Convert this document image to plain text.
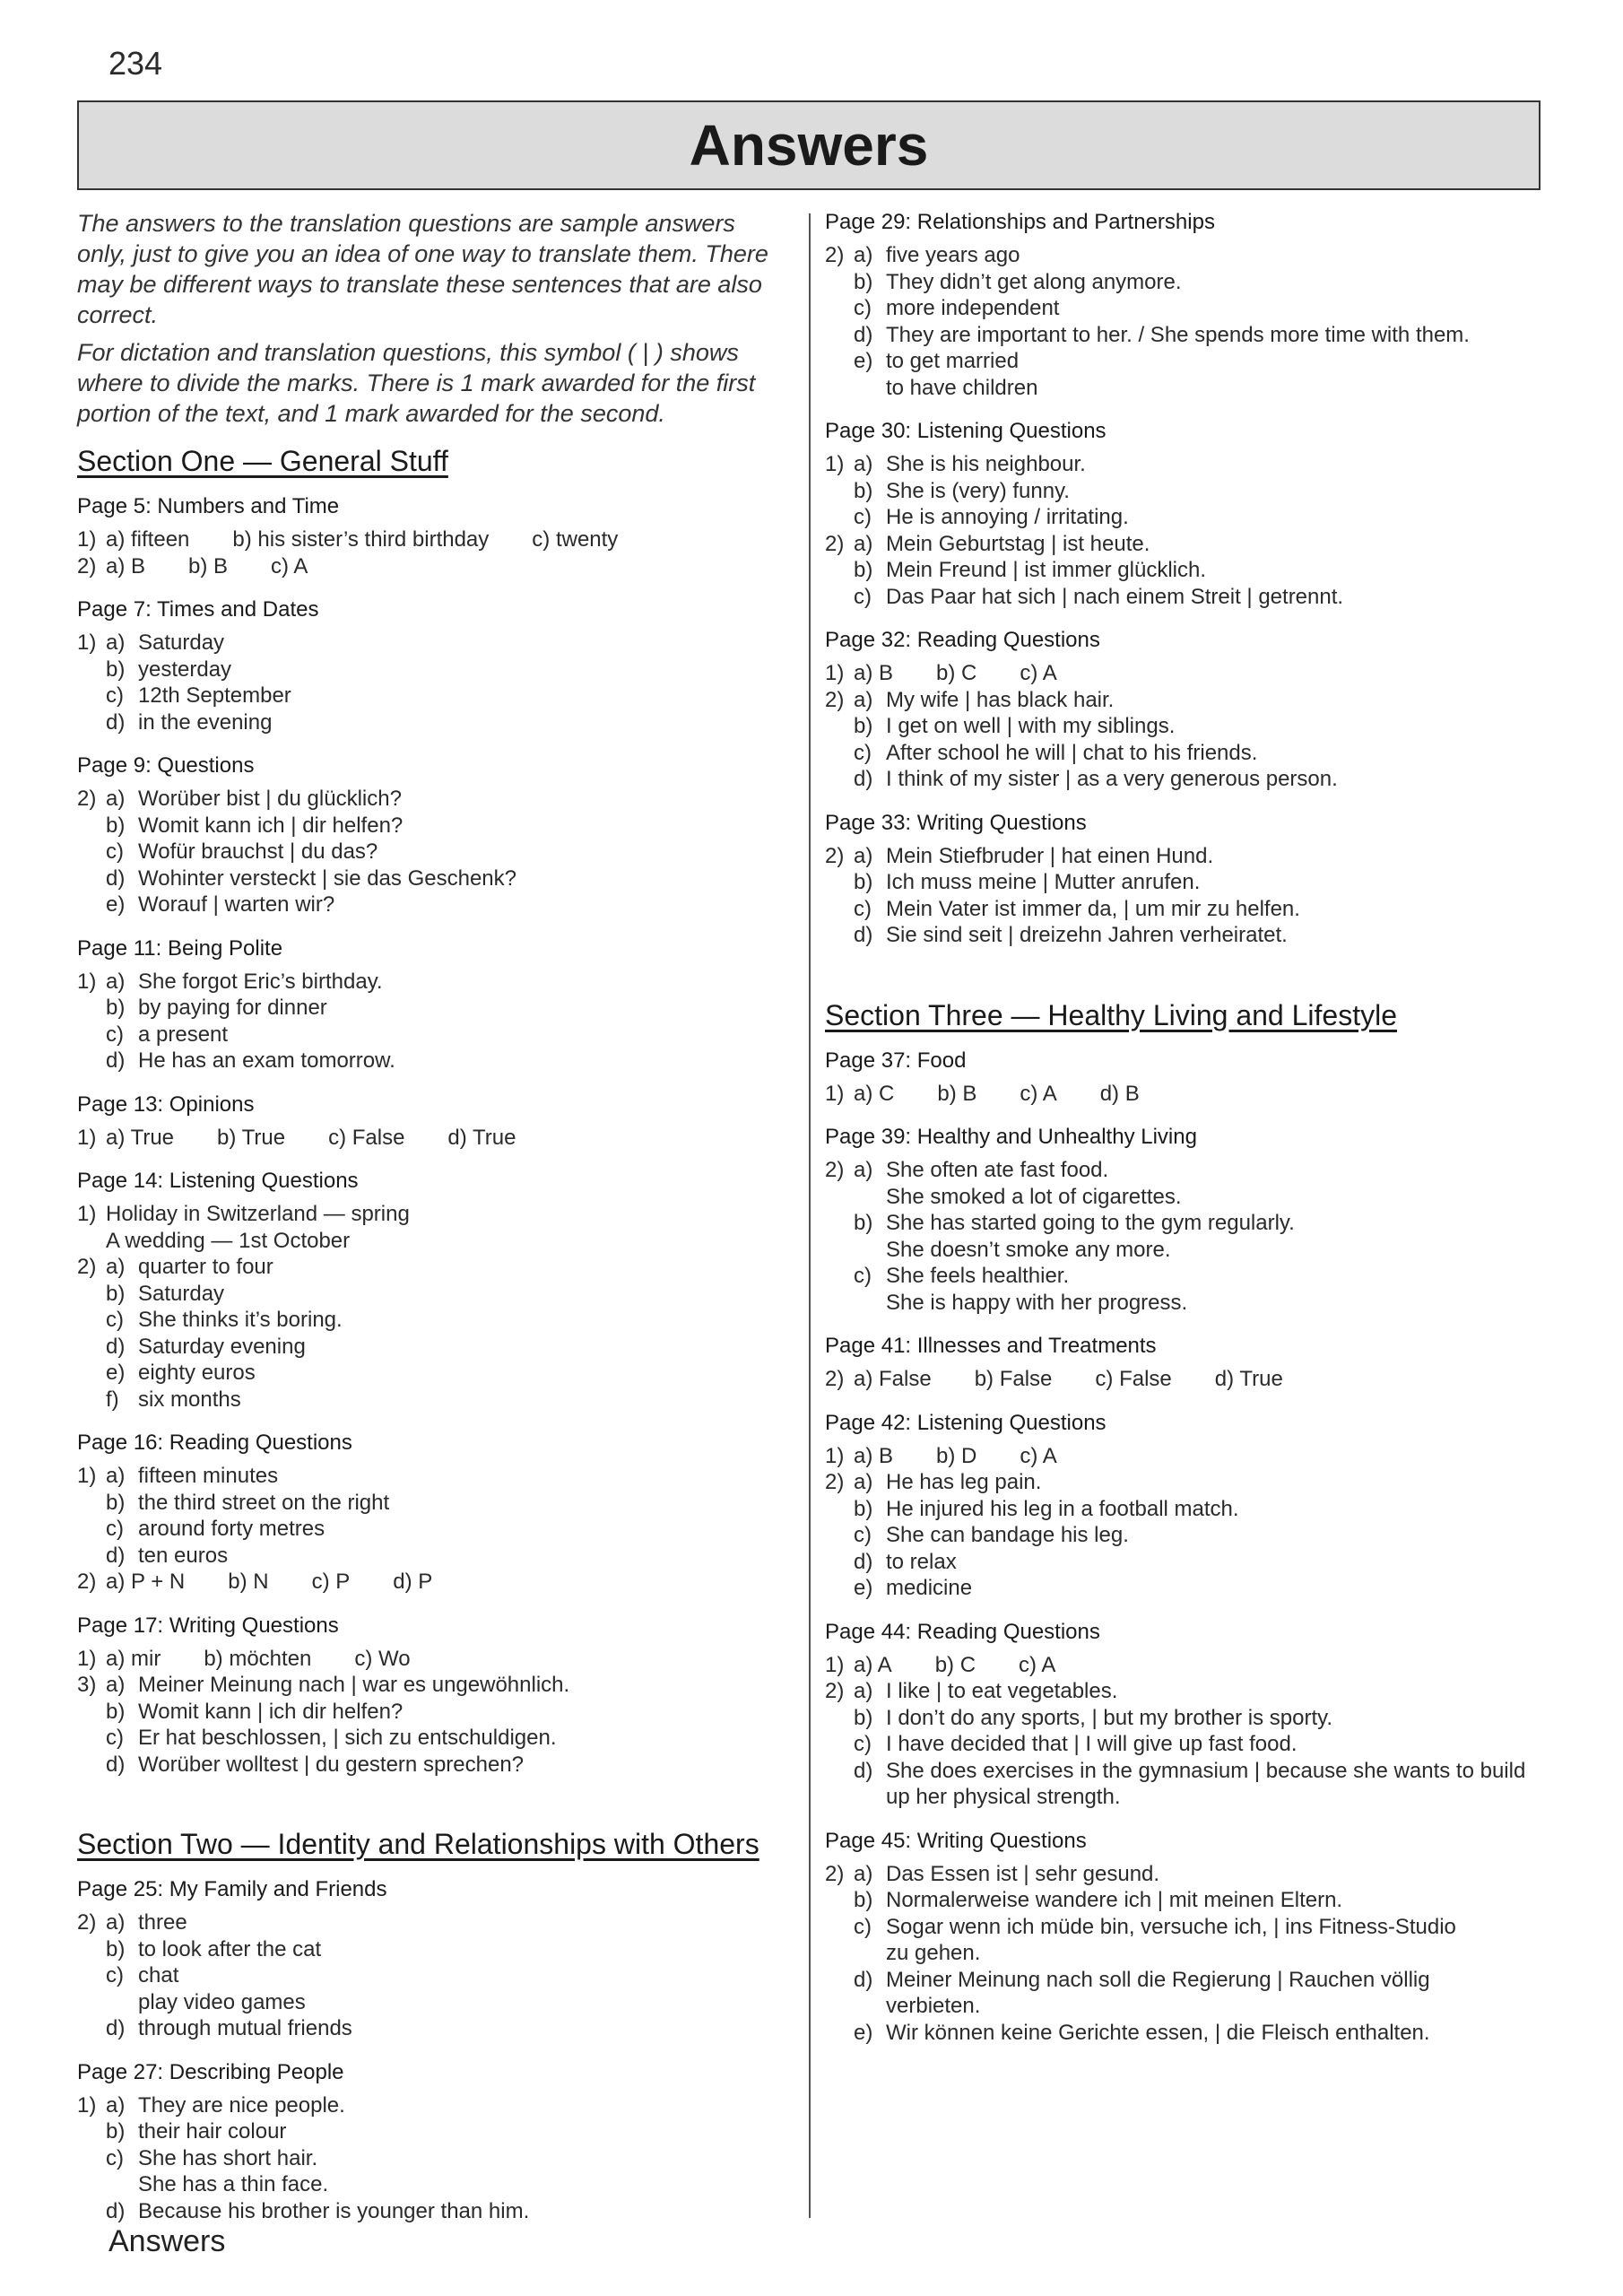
234
Answers

The answers to the translation questions are sample answers only, just to give you an idea of one way to translate them. There may be different ways to translate these sentences that are also correct.

For dictation and translation questions, this symbol ( | ) shows where to divide the marks. There is 1 mark awarded for the first portion of the text, and 1 mark awarded for the second.

Section One — General Stuff
Page 5: Numbers and Time
1) a) fifteen b) his sister’s third birthday c) twenty
2) a) B b) B c) A
Page 7: Times and Dates
1) a) Saturday
b) yesterday
c) 12th September
d) in the evening
Page 9: Questions
2) a) Worüber bist | du glücklich?
b) Womit kann ich | dir helfen?
c) Wofür brauchst | du das?
d) Wohinter versteckt | sie das Geschenk?
e) Worauf | warten wir?
Page 11: Being Polite
1) a) She forgot Eric’s birthday.
b) by paying for dinner
c) a present
d) He has an exam tomorrow.
Page 13: Opinions
1) a) True b) True c) False d) True
Page 14: Listening Questions
1) Holiday in Switzerland — spring
A wedding — 1st October
2) a) quarter to four
b) Saturday
c) She thinks it’s boring.
d) Saturday evening
e) eighty euros
f) six months
Page 16: Reading Questions
1) a) fifteen minutes
b) the third street on the right
c) around forty metres
d) ten euros
2) a) P + N b) N c) P d) P
Page 17: Writing Questions
1) a) mir b) möchten c) Wo
3) a) Meiner Meinung nach | war es ungewöhnlich.
b) Womit kann | ich dir helfen?
c) Er hat beschlossen, | sich zu entschuldigen.
d) Worüber wolltest | du gestern sprechen?
Section Two — Identity and Relationships with Others
Page 25: My Family and Friends
2) a) three
b) to look after the cat
c) chat
play video games
d) through mutual friends
Page 27: Describing People
1) a) They are nice people.
b) their hair colour
c) She has short hair.
She has a thin face.
d) Because his brother is younger than him.
Page 29: Relationships and Partnerships
2) a) five years ago
b) They didn’t get along anymore.
c) more independent
d) They are important to her. / She spends more time with them.
e) to get married
to have children
Page 30: Listening Questions
1) a) She is his neighbour.
b) She is (very) funny.
c) He is annoying / irritating.
2) a) Mein Geburtstag | ist heute.
b) Mein Freund | ist immer glücklich.
c) Das Paar hat sich | nach einem Streit | getrennt.
Page 32: Reading Questions
1) a) B b) C c) A
2) a) My wife | has black hair.
b) I get on well | with my siblings.
c) After school he will | chat to his friends.
d) I think of my sister | as a very generous person.
Page 33: Writing Questions
2) a) Mein Stiefbruder | hat einen Hund.
b) Ich muss meine | Mutter anrufen.
c) Mein Vater ist immer da, | um mir zu helfen.
d) Sie sind seit | dreizehn Jahren verheiratet.
Section Three — Healthy Living and Lifestyle
Page 37: Food
1) a) C b) B c) A d) B
Page 39: Healthy and Unhealthy Living
2) a) She often ate fast food.
She smoked a lot of cigarettes.
b) She has started going to the gym regularly.
She doesn’t smoke any more.
c) She feels healthier.
She is happy with her progress.
Page 41: Illnesses and Treatments
2) a) False b) False c) False d) True
Page 42: Listening Questions
1) a) B b) D c) A
2) a) He has leg pain.
b) He injured his leg in a football match.
c) She can bandage his leg.
d) to relax
e) medicine
Page 44: Reading Questions
1) a) A b) C c) A
2) a) I like | to eat vegetables.
b) I don’t do any sports, | but my brother is sporty.
c) I have decided that | I will give up fast food.
d) She does exercises in the gymnasium | because she wants to build
up her physical strength.
Page 45: Writing Questions
2) a) Das Essen ist | sehr gesund.
b) Normalerweise wandere ich | mit meinen Eltern.
c) Sogar wenn ich müde bin, versuche ich, | ins Fitness-Studio
zu gehen.
d) Meiner Meinung nach soll die Regierung | Rauchen völlig
verbieten.
e) Wir können keine Gerichte essen, | die Fleisch enthalten.
Answers
